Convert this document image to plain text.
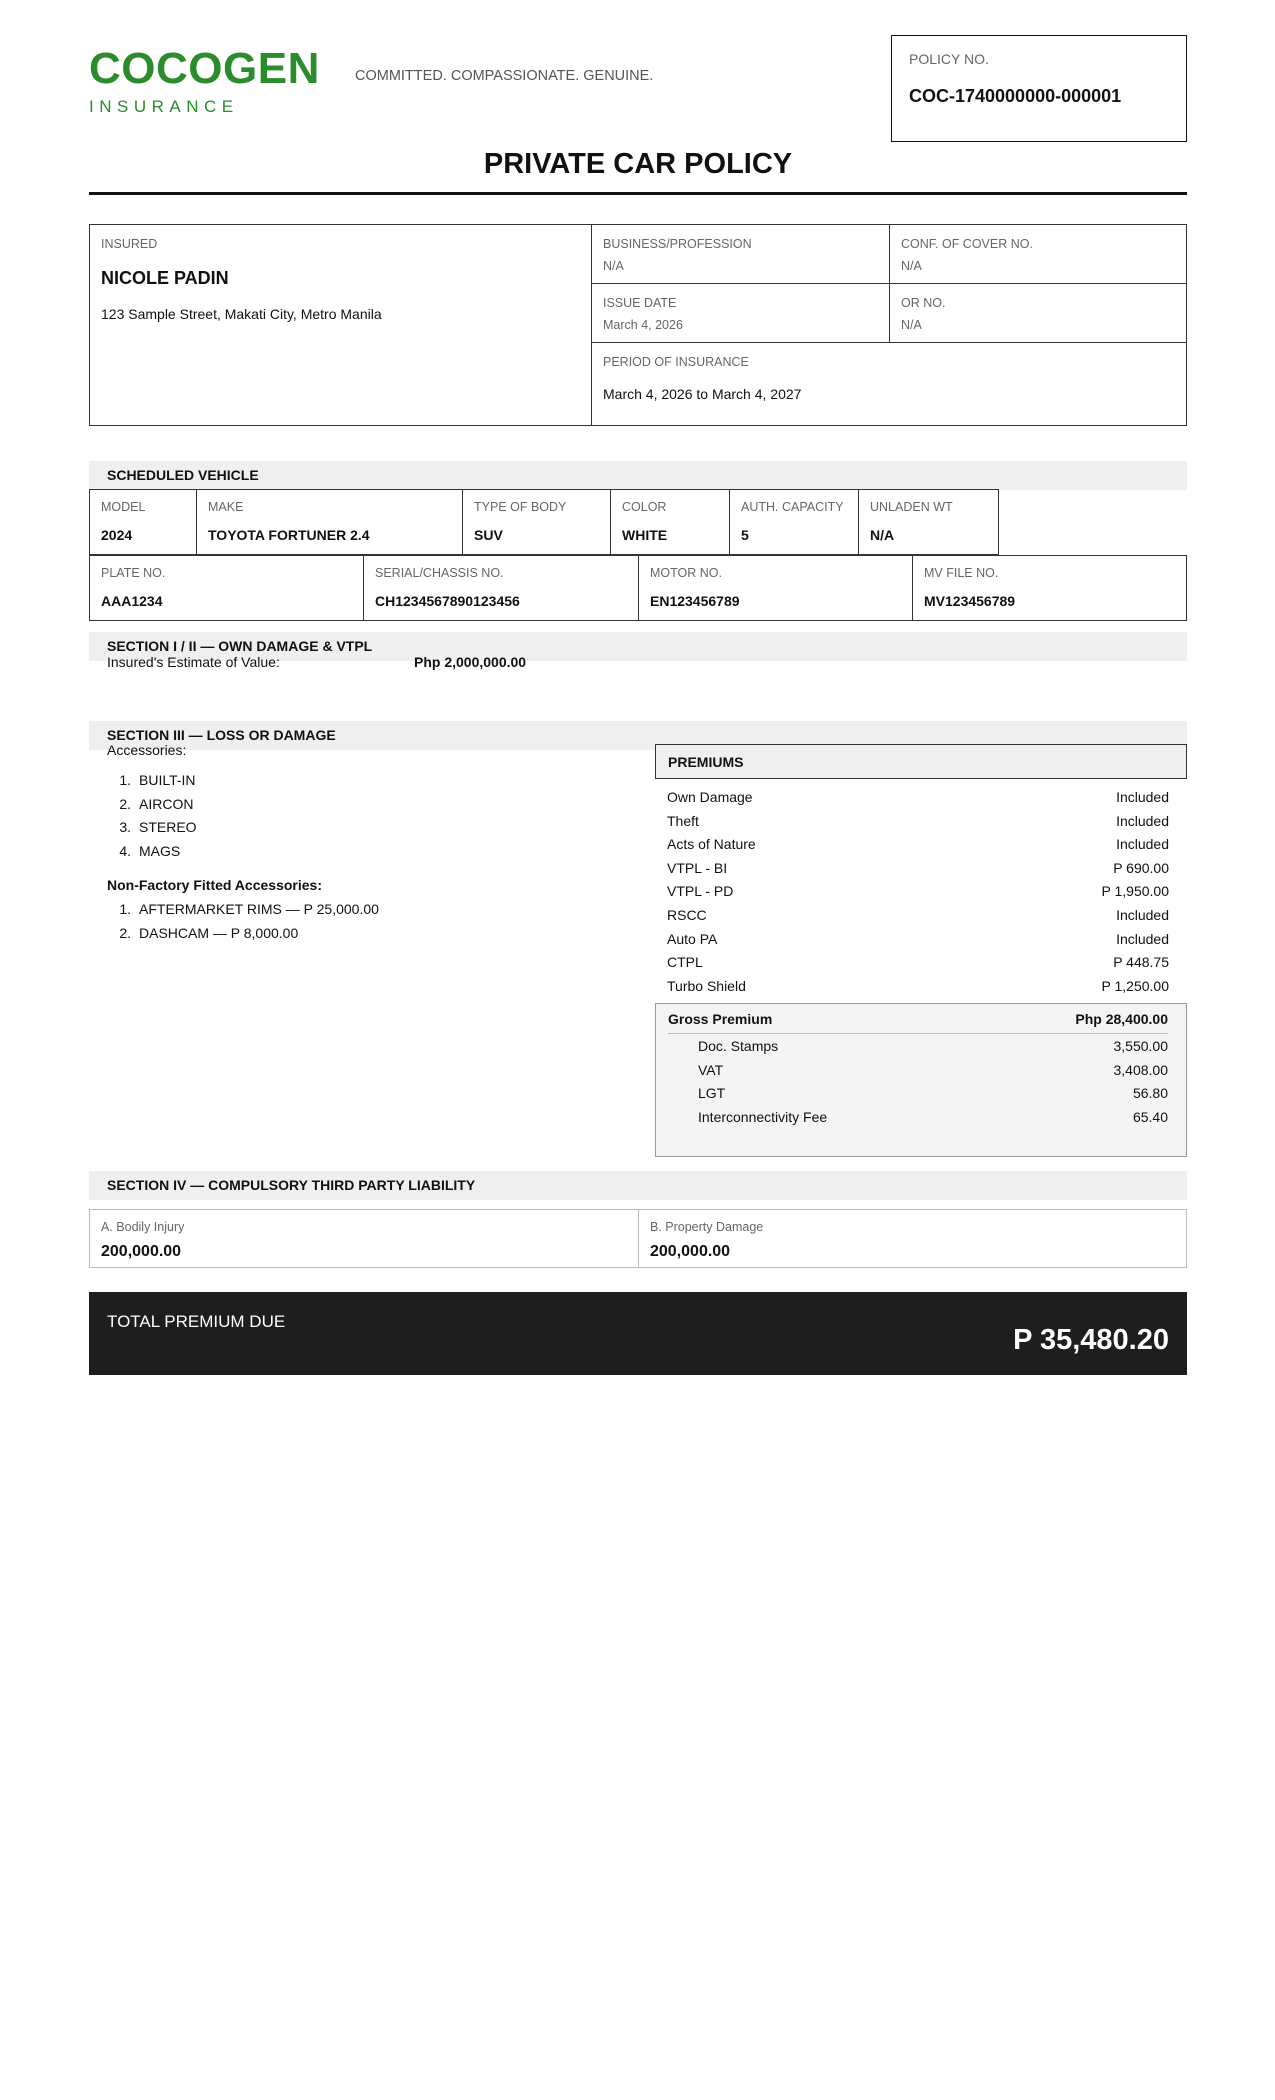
COCOGEN
INSURANCE
COMMITTED. COMPASSIONATE. GENUINE.
POLICY NO.
COC-1740000000-000001
PRIVATE CAR POLICY
INSURED
NICOLE PADIN
123 Sample Street, Makati City, Metro Manila
BUSINESS/PROFESSION
N/A
CONF. OF COVER NO.
N/A
ISSUE DATE
March 4, 2026
OR NO.
N/A
PERIOD OF INSURANCE
March 4, 2026 to March 4, 2027
SCHEDULED VEHICLE
MODEL
2024
MAKE
TOYOTA FORTUNER 2.4
TYPE OF BODY
SUV
COLOR
WHITE
AUTH. CAPACITY
5
UNLADEN WT
N/A
PLATE NO.
AAA1234
SERIAL/CHASSIS NO.
CH1234567890123456
MOTOR NO.
EN123456789
MV FILE NO.
MV123456789
SECTION I / II — OWN DAMAGE & VTPL
Insured's Estimate of Value:	Php 2,000,000.00
SECTION III — LOSS OR DAMAGE
Accessories:
1. BUILT-IN
2. AIRCON
3. STEREO
4. MAGS
Non-Factory Fitted Accessories:
1. AFTERMARKET RIMS — P 25,000.00
2. DASHCAM — P 8,000.00
PREMIUMS
Own Damage	Included
Theft	Included
Acts of Nature	Included
VTPL - BI	P 690.00
VTPL - PD	P 1,950.00
RSCC	Included
Auto PA	Included
CTPL	P 448.75
Turbo Shield	P 1,250.00
Gross Premium	Php 28,400.00
Doc. Stamps	3,550.00
VAT	3,408.00
LGT	56.80
Interconnectivity Fee	65.40
SECTION IV — COMPULSORY THIRD PARTY LIABILITY
A. Bodily Injury
200,000.00
B. Property Damage
200,000.00
TOTAL PREMIUM DUE
P 35,480.20
